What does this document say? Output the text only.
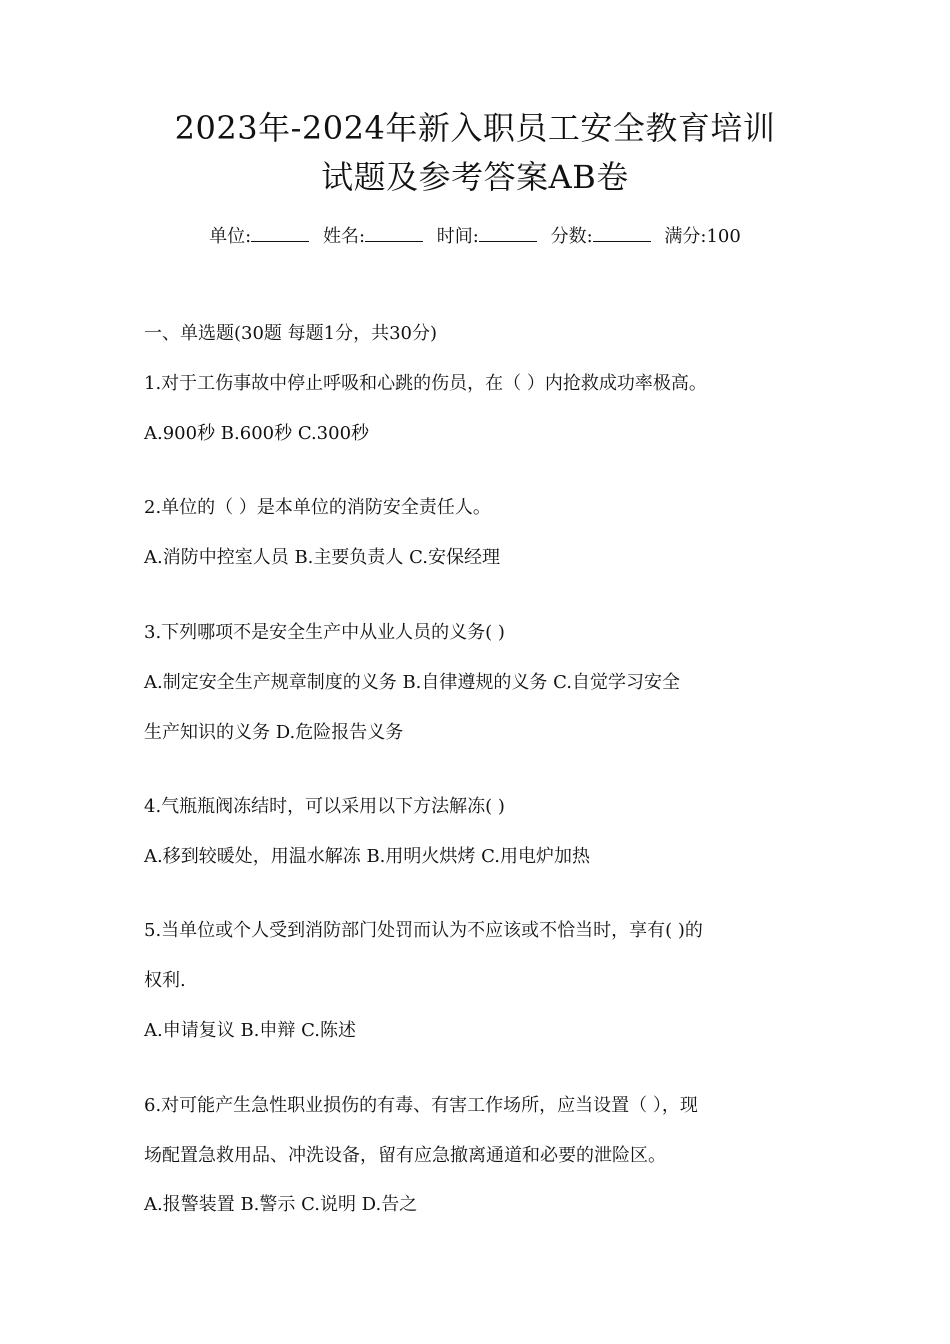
2023年-2024年新入职员工安全教育培训
试题及参考答案AB卷
单位:	姓名:	时间:	分数:	满分:100
一、单选题(30题 每题1分，共30分)
1.对于工伤事故中停止呼吸和心跳的伤员，在（ ）内抢救成功率极高。
A.900秒 B.600秒 C.300秒
2.单位的（ ）是本单位的消防安全责任人。
A.消防中控室人员 B.主要负责人 C.安保经理
3.下列哪项不是安全生产中从业人员的义务( )
A.制定安全生产规章制度的义务 B.自律遵规的义务 C.自觉学习安全
生产知识的义务 D.危险报告义务
4.气瓶瓶阀冻结时，可以采用以下方法解冻( )
A.移到较暖处，用温水解冻 B.用明火烘烤 C.用电炉加热
5.当单位或个人受到消防部门处罚而认为不应该或不恰当时，享有( )的
权利.
A.申请复议 B.申辩 C.陈述
6.对可能产生急性职业损伤的有毒、有害工作场所，应当设置（ ），现
场配置急救用品、冲洗设备，留有应急撤离通道和必要的泄险区。
A.报警装置 B.警示 C.说明 D.告之
